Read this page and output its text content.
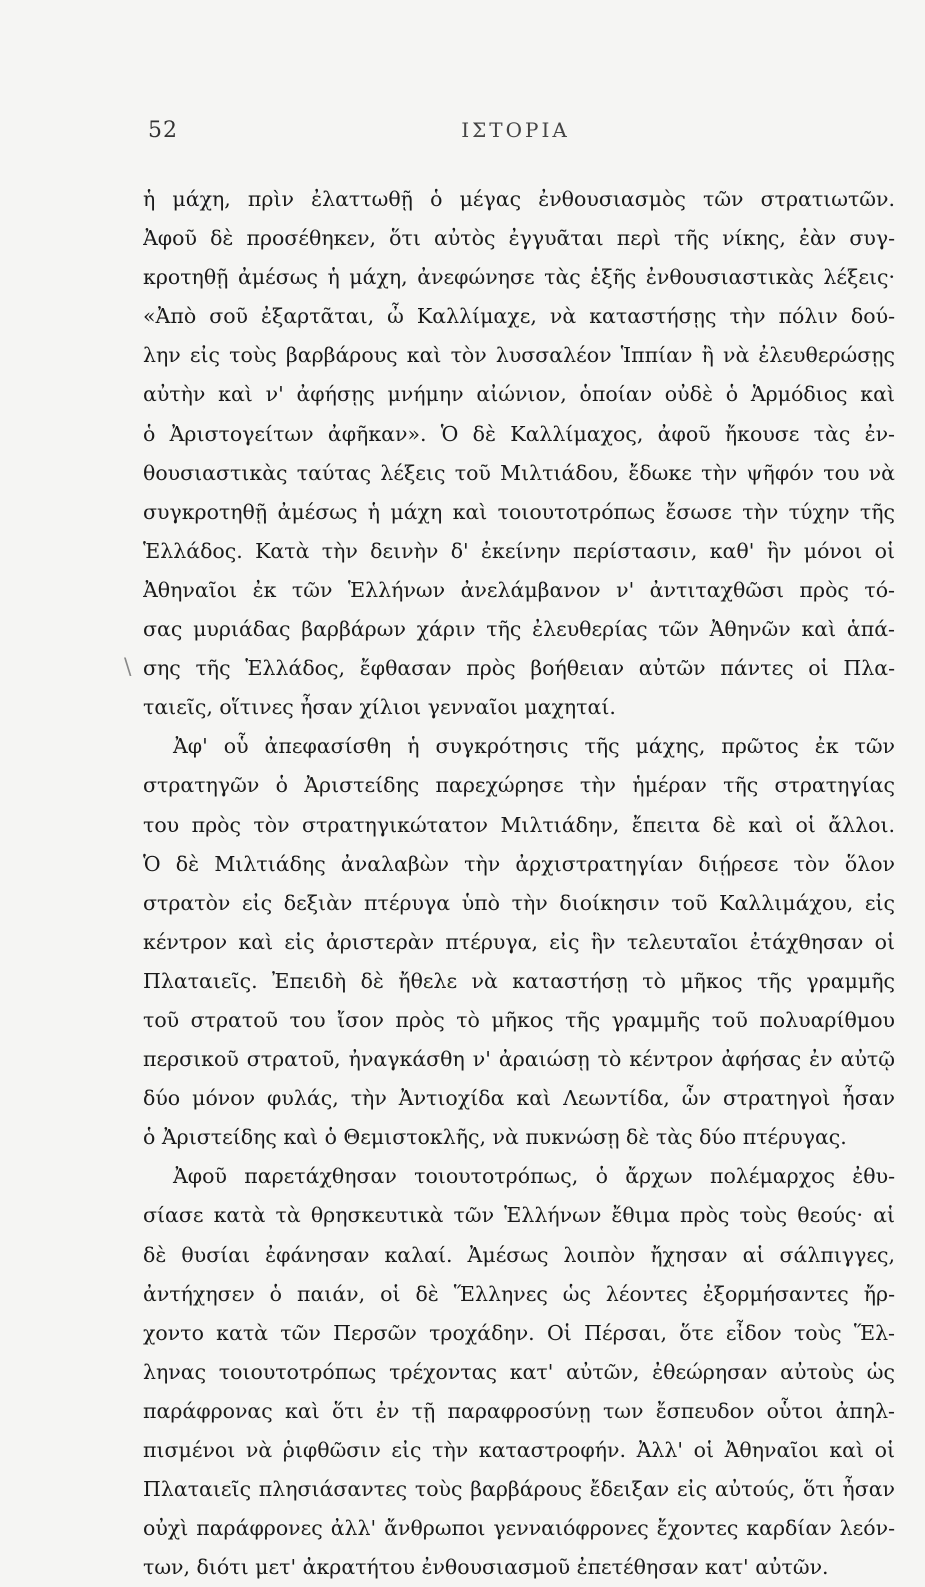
52	ΙΣΤΟΡΙΑ
ἡ μάχη, πρὶν ἐλαττωθῇ ὁ μέγας ἐνθουσιασμὸς τῶν στρατιωτῶν.
Ἀφοῦ δὲ προσέθηκεν, ὅτι αὐτὸς ἐγγυᾶται περὶ τῆς νίκης, ἐὰν συγ-
κροτηθῇ ἀμέσως ἡ μάχη, ἀνεφώνησε τὰς ἑξῆς ἐνθουσιαστικὰς λέξεις·
«Ἀπὸ σοῦ ἐξαρτᾶται, ὦ Καλλίμαχε, νὰ καταστήσῃς τὴν πόλιν δού-
λην εἰς τοὺς βαρβάρους καὶ τὸν λυσσαλέον Ἱππίαν ἢ νὰ ἐλευθερώσῃς
αὐτὴν καὶ ν' ἀφήσῃς μνήμην αἰώνιον, ὁποίαν οὐδὲ ὁ Ἁρμόδιος καὶ
ὁ Ἀριστογείτων ἀφῆκαν». Ὁ δὲ Καλλίμαχος, ἀφοῦ ἤκουσε τὰς ἐν-
θουσιαστικὰς ταύτας λέξεις τοῦ Μιλτιάδου, ἔδωκε τὴν ψῆφόν του νὰ
συγκροτηθῇ ἀμέσως ἡ μάχη καὶ τοιουτοτρόπως ἔσωσε τὴν τύχην τῆς
Ἑλλάδος. Κατὰ τὴν δεινὴν δ' ἐκείνην περίστασιν, καθ' ἣν μόνοι οἱ
Ἀθηναῖοι ἐκ τῶν Ἑλλήνων ἀνελάμβανον ν' ἀντιταχθῶσι πρὸς τό-
σας μυριάδας βαρβάρων χάριν τῆς ἐλευθερίας τῶν Ἀθηνῶν καὶ ἁπά-
σης τῆς Ἑλλάδος, ἔφθασαν πρὸς βοήθειαν αὐτῶν πάντες οἱ Πλα-
ταιεῖς, οἵτινες ἦσαν χίλιοι γενναῖοι μαχηταί.
Ἀφ' οὗ ἀπεφασίσθη ἡ συγκρότησις τῆς μάχης, πρῶτος ἐκ τῶν
στρατηγῶν ὁ Ἀριστείδης παρεχώρησε τὴν ἡμέραν τῆς στρατηγίας
του πρὸς τὸν στρατηγικώτατον Μιλτιάδην, ἔπειτα δὲ καὶ οἱ ἄλλοι.
Ὁ δὲ Μιλτιάδης ἀναλαβὼν τὴν ἀρχιστρατηγίαν διῄρεσε τὸν ὅλον
στρατὸν εἰς δεξιὰν πτέρυγα ὑπὸ τὴν διοίκησιν τοῦ Καλλιμάχου, εἰς
κέντρον καὶ εἰς ἀριστερὰν πτέρυγα, εἰς ἣν τελευταῖοι ἐτάχθησαν οἱ
Πλαταιεῖς. Ἐπειδὴ δὲ ἤθελε νὰ καταστήσῃ τὸ μῆκος τῆς γραμμῆς
τοῦ στρατοῦ του ἴσον πρὸς τὸ μῆκος τῆς γραμμῆς τοῦ πολυαρίθμου
περσικοῦ στρατοῦ, ἠναγκάσθη ν' ἀραιώσῃ τὸ κέντρον ἀφήσας ἐν αὐτῷ
δύο μόνον φυλάς, τὴν Ἀντιοχίδα καὶ Λεωντίδα, ὧν στρατηγοὶ ἦσαν
ὁ Ἀριστείδης καὶ ὁ Θεμιστοκλῆς, νὰ πυκνώσῃ δὲ τὰς δύο πτέρυγας.
Ἀφοῦ παρετάχθησαν τοιουτοτρόπως, ὁ ἄρχων πολέμαρχος ἐθυ-
σίασε κατὰ τὰ θρησκευτικὰ τῶν Ἑλλήνων ἔθιμα πρὸς τοὺς θεούς· αἱ
δὲ θυσίαι ἐφάνησαν καλαί. Ἀμέσως λοιπὸν ἤχησαν αἱ σάλπιγγες,
ἀντήχησεν ὁ παιάν, οἱ δὲ Ἕλληνες ὡς λέοντες ἐξορμήσαντες ἤρ-
χοντο κατὰ τῶν Περσῶν τροχάδην. Οἱ Πέρσαι, ὅτε εἶδον τοὺς Ἕλ-
ληνας τοιουτοτρόπως τρέχοντας κατ' αὐτῶν, ἐθεώρησαν αὐτοὺς ὡς
παράφρονας καὶ ὅτι ἐν τῇ παραφροσύνῃ των ἔσπευδον οὗτοι ἀπηλ-
πισμένοι νὰ ῥιφθῶσιν εἰς τὴν καταστροφήν. Ἀλλ' οἱ Ἀθηναῖοι καὶ οἱ
Πλαταιεῖς πλησιάσαντες τοὺς βαρβάρους ἔδειξαν εἰς αὐτούς, ὅτι ἦσαν
οὐχὶ παράφρονες ἀλλ' ἄνθρωποι γενναιόφρονες ἔχοντες καρδίαν λεόν-
των, διότι μετ' ἀκρατήτου ἐνθουσιασμοῦ ἐπετέθησαν κατ' αὐτῶν.
\
